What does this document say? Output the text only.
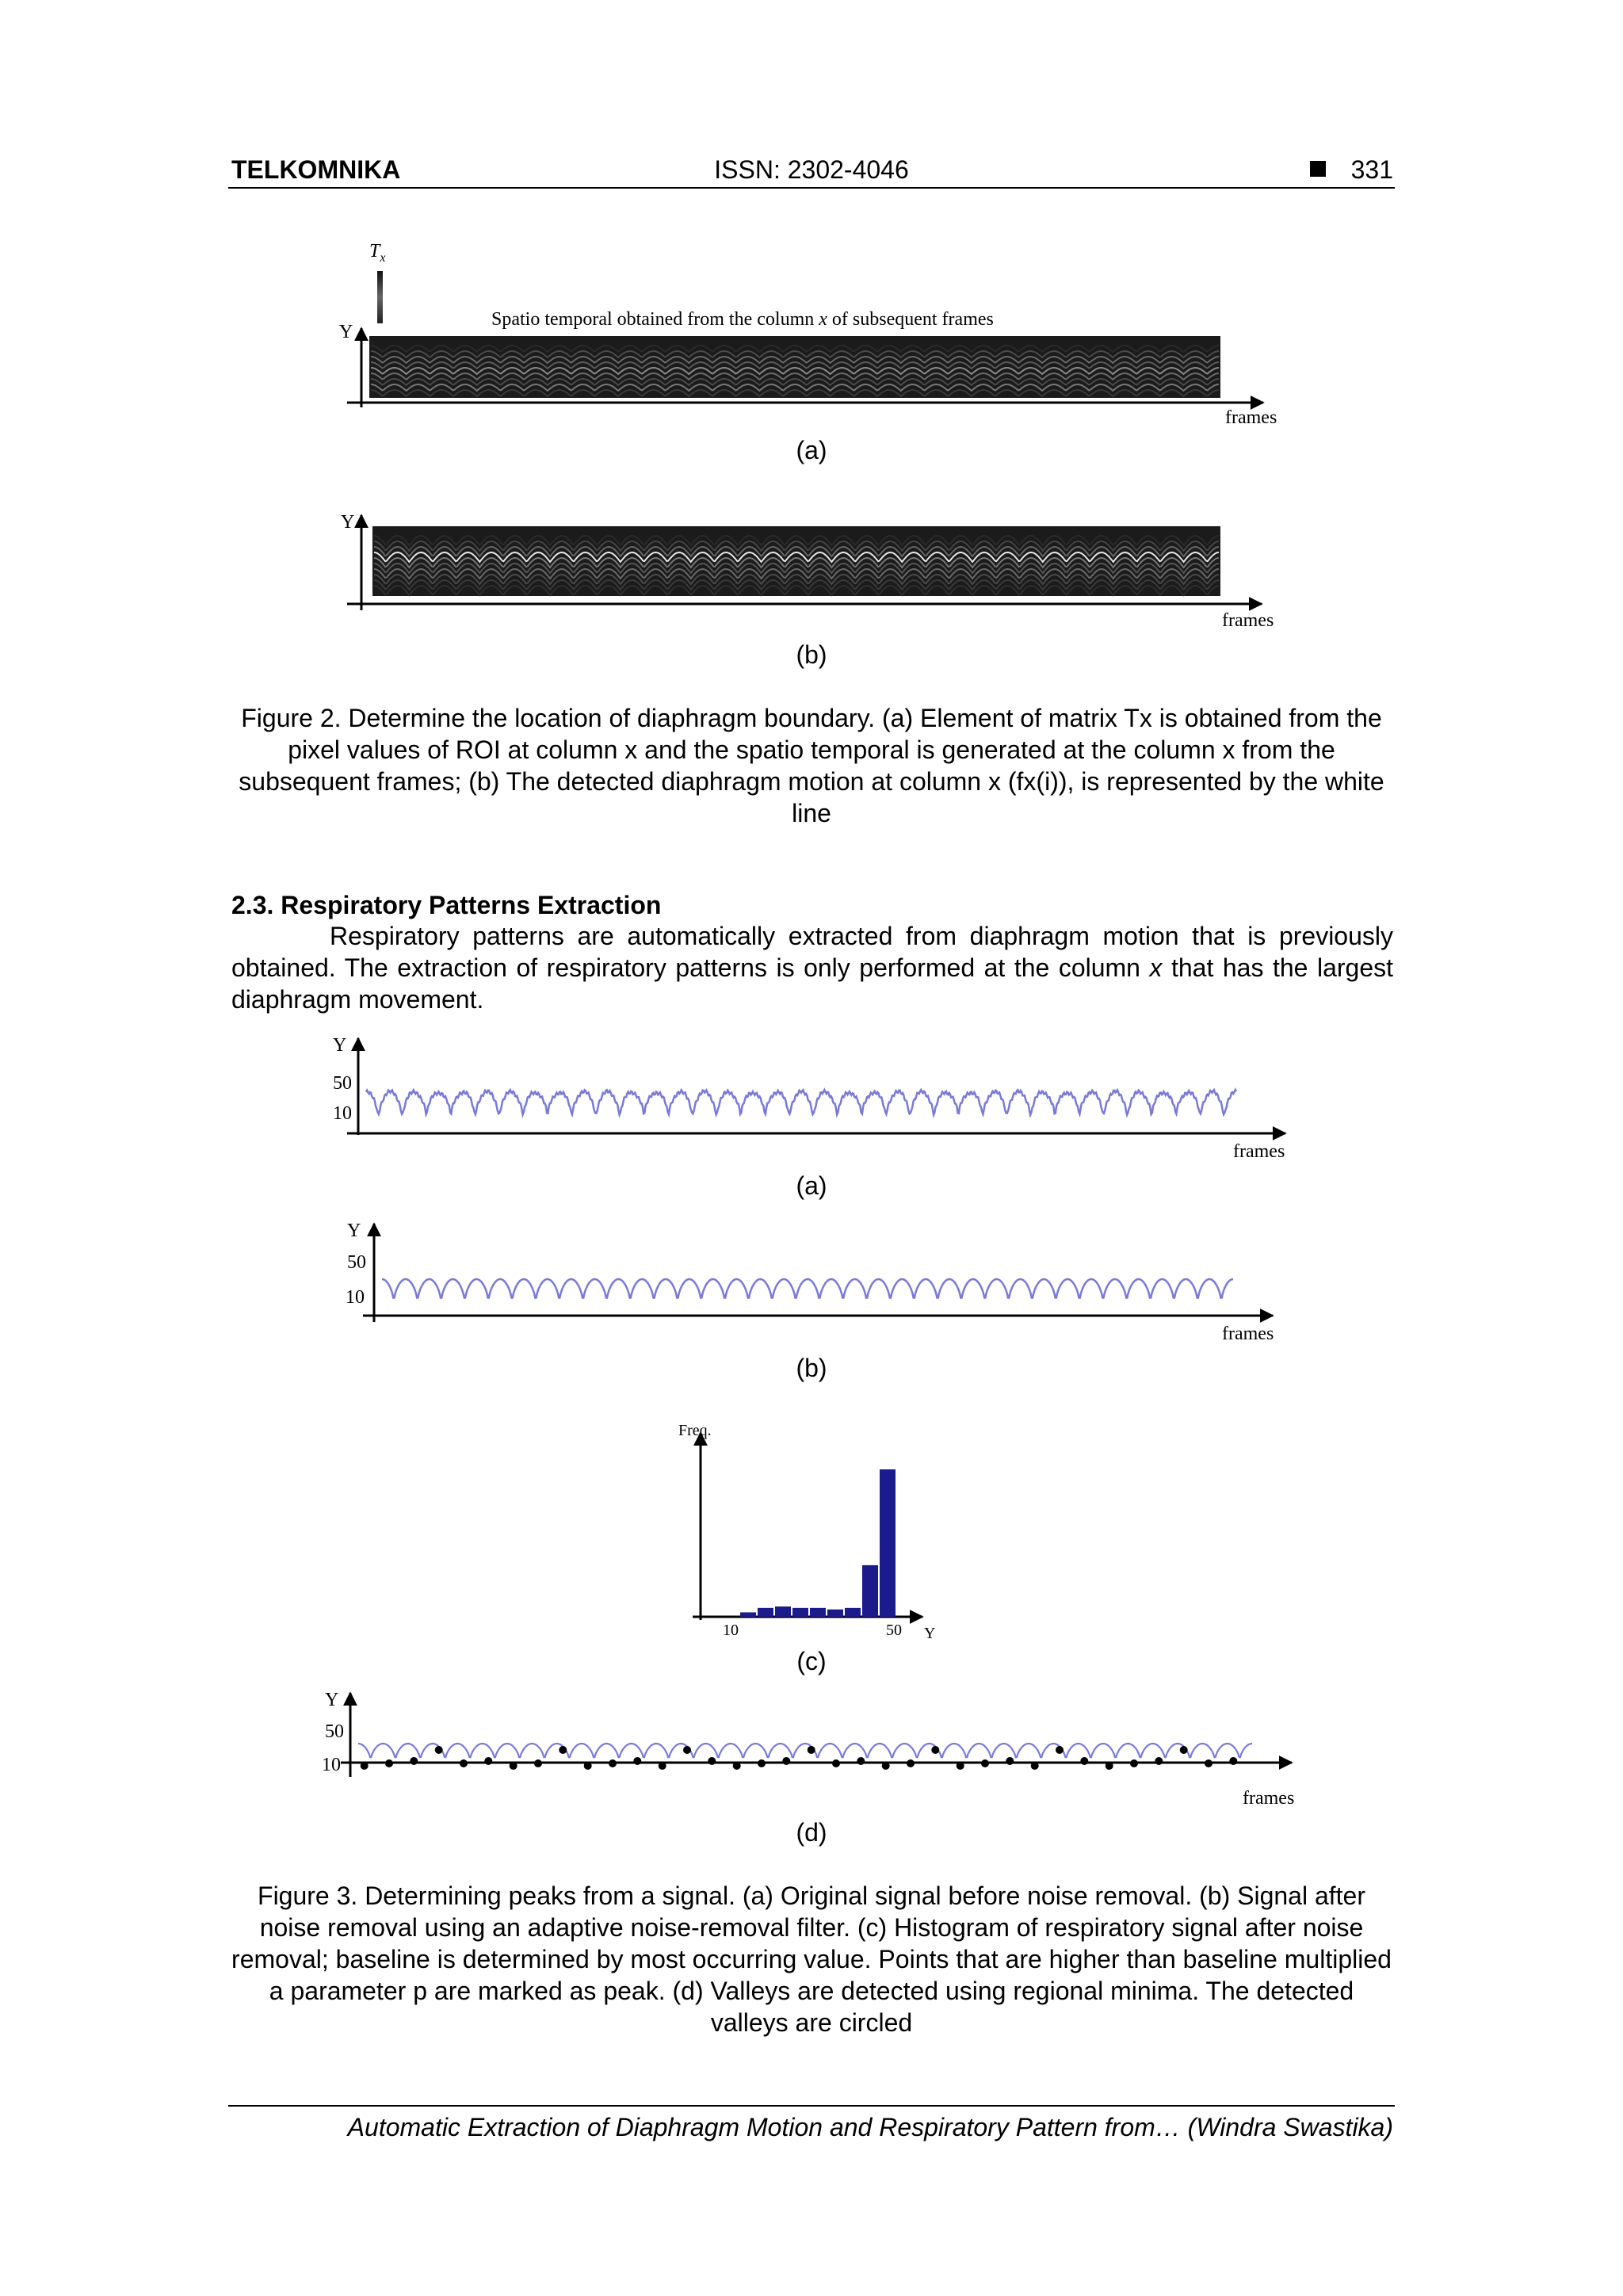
TELKOMNIKA	ISSN: 2302-4046	331
$T_x$
Spatio temporal obtained from the column x of subsequent frames
Y
frames
(a)
Y
frames
(b)
Figure 2. Determine the location of diaphragm boundary. (a) Element of matrix Tx is obtained from the pixel values of ROI at column x and the spatio temporal is generated at the column x from the subsequent frames; (b) The detected diaphragm motion at column x (fx(i)), is represented by the white line
2.3. Respiratory Patterns Extraction
Respiratory patterns are automatically extracted from diaphragm motion that is previously obtained. The extraction of respiratory patterns is only performed at the column x that has the largest diaphragm movement.
Y
50
10
frames
(a)
Y
50
10
frames
(b)
Freq.
10	50 Y
(c)
Y
50
10
frames
(d)
Figure 3. Determining peaks from a signal. (a) Original signal before noise removal. (b) Signal after noise removal using an adaptive noise-removal filter. (c) Histogram of respiratory signal after noise removal; baseline is determined by most occurring value. Points that are higher than baseline multiplied a parameter p are marked as peak. (d) Valleys are detected using regional minima. The detected valleys are circled
Automatic Extraction of Diaphragm Motion and Respiratory Pattern from… (Windra Swastika)
